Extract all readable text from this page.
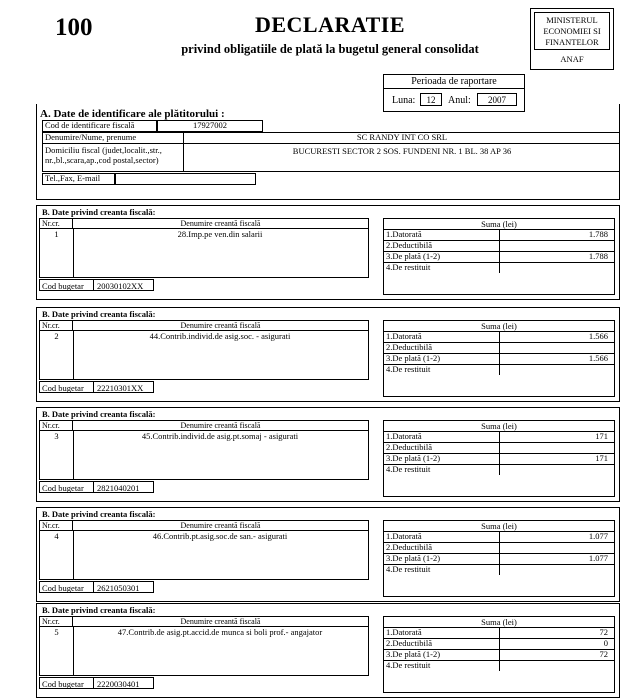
100	DECLARATIE
privind obligatiile de plată la bugetul general consolidat
MINISTERUL
ECONOMIEI SI
FINANTELOR
ANAF
Perioada de raportare
Luna:	12	Anul:	2007
A. Date de identificare ale plătitorului :
Cod de identificare fiscală	17927002
Denumire/Nume, prenume	SC RANDY INT CO SRL
Domiciliu fiscal (judet,localit.,str.,
nr.,bl.,scara,ap.,cod postal,sector)
BUCURESTI SECTOR 2 SOS. FUNDENI NR. 1 BL. 38 AP 36
Tel.,Fax, E-mail
B. Date privind creanta fiscală:
Nr.cr.	Denumire creantă fiscală
1	28.Imp.pe ven.din salarii
Cod bugetar 20030102XX
Suma (lei)
1.Datorată	1.788
2.Deductibilă
3.De plată (1-2)	1.788
4.De restituit
B. Date privind creanta fiscală:
Nr.cr.	Denumire creantă fiscală
2	44.Contrib.individ.de asig.soc. - asigurati
Cod bugetar 22210301XX
Suma (lei)
1.Datorată	1.566
2.Deductibilă
3.De plată (1-2)	1.566
4.De restituit
B. Date privind creanta fiscală:
Nr.cr.	Denumire creantă fiscală
3	45.Contrib.individ.de asig.pt.somaj - asigurati
Cod bugetar 2821040201
Suma (lei)
1.Datorată	171
2.Deductibilă
3.De plată (1-2)	171
4.De restituit
B. Date privind creanta fiscală:
Nr.cr.	Denumire creantă fiscală
4	46.Contrib.pt.asig.soc.de san.- asigurati
Cod bugetar 2621050301
Suma (lei)
1.Datorată	1.077
2.Deductibilă
3.De plată (1-2)	1.077
4.De restituit
B. Date privind creanta fiscală:
Nr.cr.	Denumire creantă fiscală
5	47.Contrib.de asig.pt.accid.de munca si boli prof.- angajator
Cod bugetar 2220030401
Suma (lei)
1.Datorată	72
2.Deductibilă	0
3.De plată (1-2)	72
4.De restituit
